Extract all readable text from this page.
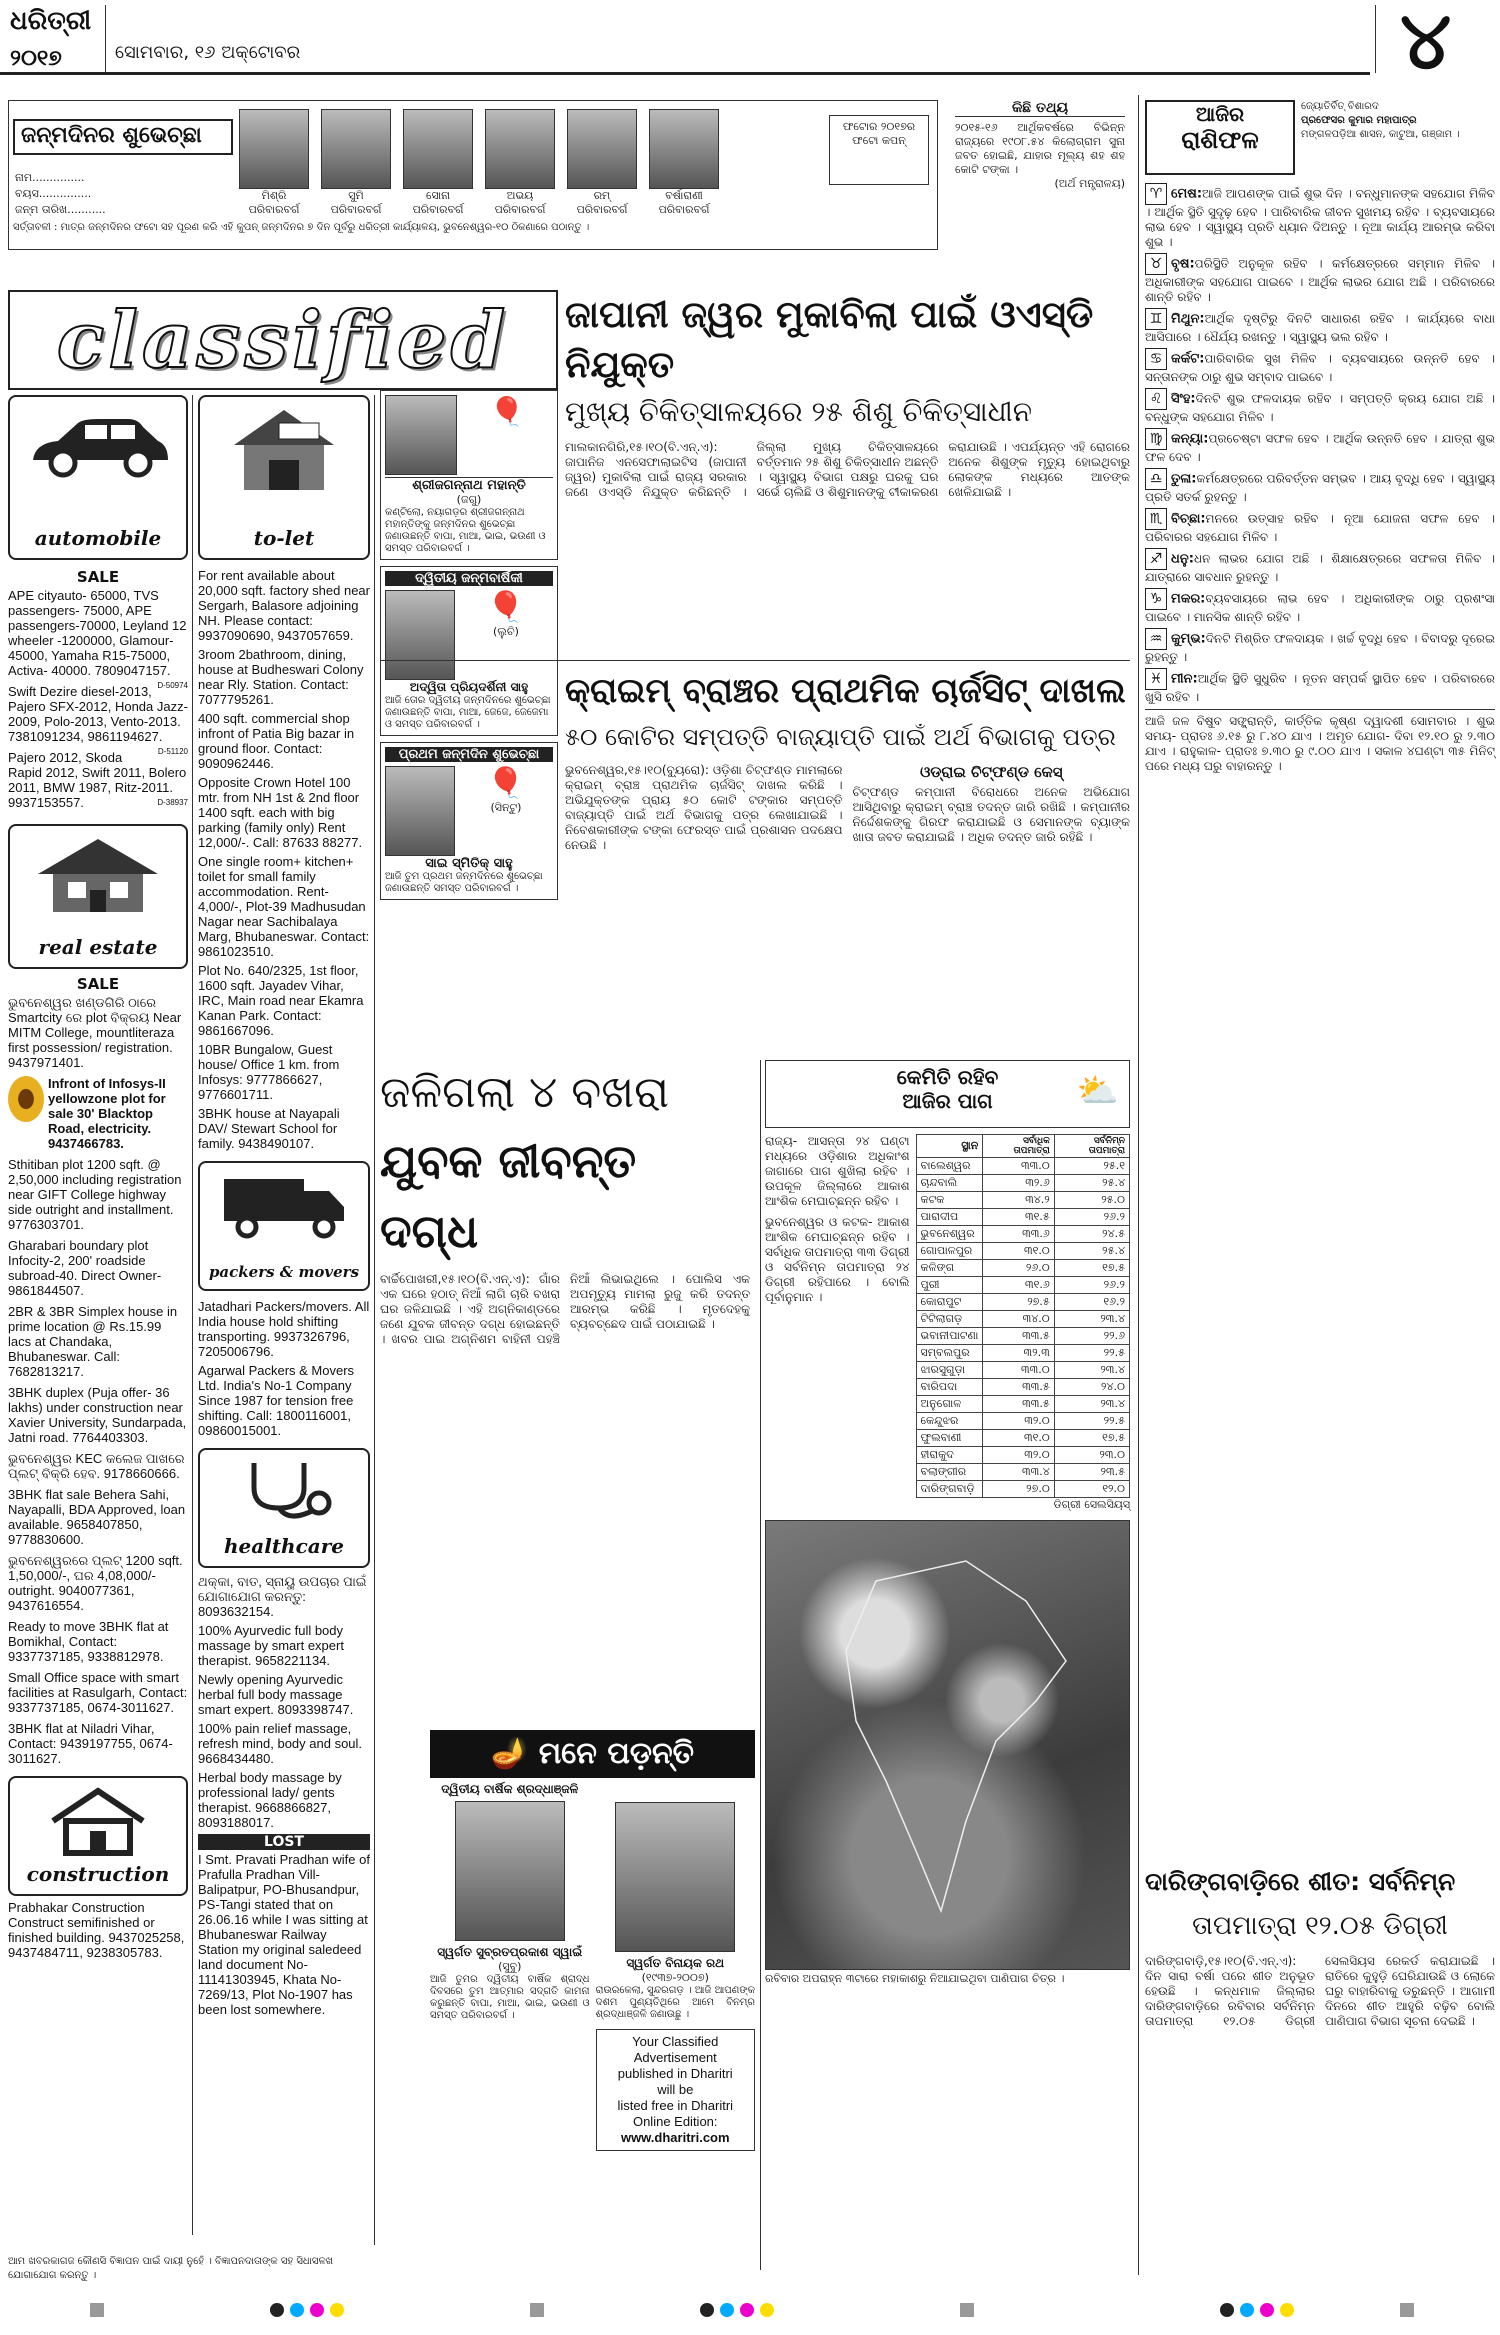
ଧରିତ୍ରୀ
୨୦୧୭	ସୋମବାର, ୧୬ ଅକ୍ଟୋବର	୪
ଜନ୍ମଦିନର ଶୁଭେଚ୍ଛା
ନାମ...............
ବୟସ...............
ଜନ୍ମ ତାରିଖ...........
ମିଶ୍ରି
ପରିବାରବର୍ଗ
ସୁମି
ପରିବାରବର୍ଗ
ସୋନା
ପରିବାରବର୍ଗ
ଅଭୟ
ପରିବାରବର୍ଗ
ରମ୍
ପରିବାରବର୍ଗ
ବର୍ଷାରାଣୀ
ପରିବାରବର୍ଗ
ଫଟୋର ୨୦୧୭ର ଫଟୋ କପନ୍
ସର୍ତ୍ତାବଳୀ : ମାତ୍ର ଜନ୍ମଦିନର ଫଟୋ ସହ ପୂରଣ କରି ଏହି କୁପନ୍ ଜନ୍ମଦିନର ୭ ଦିନ ପୂର୍ବରୁ ଧରିତ୍ରୀ କାର୍ଯ୍ୟାଳୟ, ଭୁବନେଶ୍ୱର-୧୦ ଠିକଣାରେ ପଠାନ୍ତୁ ।
କିଛି ତଥ୍ୟ
୨୦୧୫-୧୬ ଆର୍ଥିକବର୍ଷରେ ବିଭିନ୍ନ ରାଜ୍ୟରେ ୧୯୦୮.୫୪ କିଲୋଗ୍ରାମ ସୁନା ଜବତ ହୋଇଛି, ଯାହାର ମୂଲ୍ୟ ଶହ ଶହ କୋଟି ଟଙ୍କା ।
(ଅର୍ଥ ମନ୍ତ୍ରାଳୟ)
classified
automobile
SALE
APE cityauto- 65000, TVS passengers- 75000, APE passengers-70000, Leyland 12 wheeler -1200000, Glamour- 45000, Yamaha R15-75000, Activa- 40000. 7809047157.
D-50974
Swift Dezire diesel-2013, Pajero SFX-2012, Honda Jazz-2009, Polo-2013, Vento-2013. 7381091234, 9861194627.
D-51120
Pajero 2012, Skoda Rapid 2012, Swift 2011, Bolero 2011, BMW 1987, Ritz-2011. 9937153557.	D-38937
real estate
SALE
ଭୁବନେଶ୍ୱର ଖଣ୍ଡଗିରି ଠାରେ Smartcity ରେ plot ବିକ୍ରୟ Near MITM College, mountliteraza first possession/ registration. 9437971401.
Infront of Infosys-II yellowzone plot for sale 30' Blacktop Road, electricity. 9437466783.
Sthitiban plot 1200 sqft. @ 2,50,000 including registration near GIFT College highway side outright and installment. 9776303701.
Gharabari boundary plot Infocity-2, 200' roadside subroad-40. Direct Owner-9861844507.
2BR & 3BR Simplex house in prime location @ Rs.15.99 lacs at Chandaka, Bhubaneswar. Call: 7682813217.
3BHK duplex (Puja offer- 36 lakhs) under construction near Xavier University, Sundarpada, Jatni road. 7764403303.
ଭୁବନେଶ୍ୱର KEC କଲେଜ ପାଖରେ ପ୍ଲଟ୍ ବିକ୍ରି ହେବ. 9178660666.
3BHK flat sale Behera Sahi, Nayapalli, BDA Approved, loan available. 9658407850, 9778830600.
ଭୁବନେଶ୍ୱରରେ ପ୍ଲଟ୍ 1200 sqft. 1,50,000/-, ଘର 4,08,000/- outright. 9040077361, 9437616554.
Ready to move 3BHK flat at Bomikhal, Contact: 9337737185, 9338812978.
Small Office space with smart facilities at Rasulgarh, Contact: 9337737185, 0674-3011627.
3BHK flat at Niladri Vihar, Contact: 9439197755, 0674-3011627.
construction
Prabhakar Construction Construct semifinished or finished building. 9437025258, 9437484711, 9238305783.
to-let
For rent available about 20,000 sqft. factory shed near Sergarh, Balasore adjoining NH. Please contact: 9937090690, 9437057659.
3room 2bathroom, dining, house at Budheswari Colony near Rly. Station. Contact: 7077795261.
400 sqft. commercial shop infront of Patia Big bazar in ground floor. Contact: 9090962446.
Opposite Crown Hotel 100 mtr. from NH 1st & 2nd floor 1400 sqft. each with big parking (family only) Rent 12,000/-. Call: 87633 88277.
One single room+ kitchen+ toilet for small family accommodation. Rent- 4,000/-, Plot-39 Madhusudan Nagar near Sachibalaya Marg, Bhubaneswar. Contact: 9861023510.
Plot No. 640/2325, 1st floor, 1600 sqft. Jayadev Vihar, IRC, Main road near Ekamra Kanan Park. Contact: 9861667096.
10BR Bungalow, Guest house/ Office 1 km. from Infosys: 9777866627, 9776601711.
3BHK house at Nayapali DAV/ Stewart School for family. 9438490107.
packers & movers
Jatadhari Packers/movers. All India house hold shifting transporting. 9937326796, 7205006796.
Agarwal Packers & Movers Ltd. India's No-1 Company Since 1987 for tension free shifting. Call: 1800116001, 09860015001.
healthcare
ଥକ୍କା, ବାତ, ସ୍ନାୟୁ ଉପଚାର ପାଇଁ ଯୋଗାଯୋଗ କରନ୍ତୁ: 8093632154.
100% Ayurvedic full body massage by smart expert therapist. 9658221134.
Newly opening Ayurvedic herbal full body massage smart expert. 8093398747.
100% pain relief massage, refresh mind, body and soul. 9668434480.
Herbal body massage by professional lady/ gents therapist. 9668866827, 8093188017.
LOST
I Smt. Pravati Pradhan wife of Prafulla Pradhan Vill-Balipatpur, PO-Bhusandpur, PS-Tangi stated that on 26.06.16 while I was sitting at Bhubaneswar Railway Station my original saledeed land document No-11141303945, Khata No-7269/13, Plot No-1907 has been lost somewhere.
ଆମ ଖବରକାଗଜ କୌଣସି ବିଜ୍ଞାପନ ପାଇଁ ଦାୟୀ ନୁହେଁ । ବିଜ୍ଞାପନଦାତାଙ୍କ ସହ ସିଧାସଳଖ ଯୋଗାଯୋଗ କରନ୍ତୁ ।
🎈
ଶ୍ରୀଜଗନ୍ନାଥ ମହାନ୍ତି
(ଜଗୁ)
କଣ୍ଟିଲୋ, ନୟାଗଡ଼ର ଶ୍ରୀଜଗନ୍ନାଥ ମହାନ୍ତିଙ୍କୁ ଜନ୍ମଦିନର ଶୁଭେଚ୍ଛା ଜଣାଉଛନ୍ତି ବାପା, ମାଆ, ଭାଇ, ଭଉଣୀ ଓ ସମସ୍ତ ପରିବାରବର୍ଗ ।
ଦ୍ୱିତୀୟ ଜନ୍ମବାର୍ଷିକୀ
🎈
(ଲୁଚି)
ଅଦ୍ୱିତା ପ୍ରିୟଦର୍ଶିନୀ ସାହୁ
ଆଜି ତୋର ଦ୍ୱିତୀୟ ଜନ୍ମଦିନରେ ଶୁଭେଚ୍ଛା ଜଣାଉଛନ୍ତି ବାପା, ମାଆ, ଜେଜେ, ଜେଜେମା ଓ ସମସ୍ତ ପରିବାରବର୍ଗ ।
ପ୍ରଥମ ଜନ୍ମଦିନ ଶୁଭେଚ୍ଛା
🎈
(ସିନ୍ଟୁ)
ସାଇ ସ୍ମିତିକ୍ ସାହୁ
ଆଜି ତୁମ ପ୍ରଥମ ଜନ୍ମଦିନରେ ଶୁଭେଚ୍ଛା ଜଣାଉଛନ୍ତି ସମସ୍ତ ପରିବାରବର୍ଗ ।
ଜାପାନୀ ଜ୍ୱର ମୁକାବିଲା ପାଇଁ ଓଏସ୍‌ଡି ନିଯୁକ୍ତ
ମୁଖ୍ୟ ଚିକିତ୍ସାଳୟରେ ୨୫ ଶିଶୁ ଚିକିତ୍ସାଧୀନ
ମାଲକାନଗିରି,୧୫।୧୦(ବି.ଏନ୍.ଏ): ଜାପାନିଜ ଏନସେଫାଲାଇଟିସ (ଜାପାନୀ ଜ୍ୱର) ମୁକାବିଲା ପାଇଁ ରାଜ୍ୟ ସରକାର ଜଣେ ଓଏସ୍‌ଡି ନିଯୁକ୍ତ କରିଛନ୍ତି । ଜିଲ୍ଲା ମୁଖ୍ୟ ଚିକିତ୍ସାଳୟରେ ବର୍ତ୍ତମାନ ୨୫ ଶିଶୁ ଚିକିତ୍ସାଧୀନ ଅଛନ୍ତି । ସ୍ୱାସ୍ଥ୍ୟ ବିଭାଗ ପକ୍ଷରୁ ଘରକୁ ଘର ସର୍ଭେ ଚାଲିଛି ଓ ଶିଶୁମାନଙ୍କୁ ଟୀକାକରଣ କରାଯାଉଛି । ଏପର୍ଯ୍ୟନ୍ତ ଏହି ରୋଗରେ ଅନେକ ଶିଶୁଙ୍କ ମୃତ୍ୟୁ ହୋଇଥିବାରୁ ଲୋକଙ୍କ ମଧ୍ୟରେ ଆତଙ୍କ ଖେଳିଯାଇଛି ।
କ୍ରାଇମ୍ ବ୍ରାଞ୍ଚର ପ୍ରାଥମିକ ଚାର୍ଜସିଟ୍ ଦାଖଲ
୫୦ କୋଟିର ସମ୍ପତ୍ତି ବାଜ୍ୟାପ୍ତି ପାଇଁ ଅର୍ଥ ବିଭାଗକୁ ପତ୍ର
ଭୁବନେଶ୍ୱର,୧୫।୧୦(ବ୍ୟୁରୋ): ଓଡ଼ିଶା ଚିଟ୍‌ଫଣ୍ଡ ମାମଲାରେ କ୍ରାଇମ୍ ବ୍ରାଞ୍ଚ ପ୍ରାଥମିକ ଚାର୍ଜସିଟ୍ ଦାଖଲ କରିଛି । ଅଭିଯୁକ୍ତଙ୍କ ପ୍ରାୟ ୫୦ କୋଟି ଟଙ୍କାର ସମ୍ପତ୍ତି ବାଜ୍ୟାପ୍ତି ପାଇଁ ଅର୍ଥ ବିଭାଗକୁ ପତ୍ର ଲେଖାଯାଇଛି । ନିବେଶକାରୀଙ୍କ ଟଙ୍କା ଫେରସ୍ତ ପାଇଁ ପ୍ରଶାସନ ପଦକ୍ଷେପ ନେଉଛି ।
ଓଡ୍ରାଇ ଚିଟ୍‌ଫଣ୍ଡ କେସ୍
ଚିଟ୍‌ଫଣ୍ଡ କମ୍ପାନୀ ବିରୋଧରେ ଅନେକ ଅଭିଯୋଗ ଆସିଥିବାରୁ କ୍ରାଇମ୍ ବ୍ରାଞ୍ଚ ତଦନ୍ତ ଜାରି ରଖିଛି । କମ୍ପାନୀର ନିର୍ଦ୍ଦେଶକଙ୍କୁ ଗିରଫ କରାଯାଇଛି ଓ ସେମାନଙ୍କ ବ୍ୟାଙ୍କ ଖାତା ଜବତ କରାଯାଇଛି । ଅଧିକ ତଦନ୍ତ ଜାରି ରହିଛି ।
ଜଳିଗଲା ୪ ବଖରା
ଯୁବକ ଜୀବନ୍ତ ଦଗ୍ଧ
ବାର୍ଚ୍ଚିପୋଖରୀ,୧୫।୧୦(ବି.ଏନ୍.ଏ): ଗାଁର ଏକ ଘରେ ହଠାତ୍ ନିଆଁ ଲାଗି ଚାରି ବଖରା ଘର ଜଳିଯାଇଛି । ଏହି ଅଗ୍ନିକାଣ୍ଡରେ ଜଣେ ଯୁବକ ଜୀବନ୍ତ ଦଗ୍ଧ ହୋଇଛନ୍ତି । ଖବର ପାଇ ଅଗ୍ନିଶମ ବାହିନୀ ପହଞ୍ଚି ନିଆଁ ଲିଭାଇଥିଲେ । ପୋଲିସ ଏକ ଅପମୃତ୍ୟୁ ମାମଲା ରୁଜୁ କରି ତଦନ୍ତ ଆରମ୍ଭ କରିଛି । ମୃତଦେହକୁ ବ୍ୟବଚ୍ଛେଦ ପାଇଁ ପଠାଯାଇଛି ।
🪔 ମନେ ପଡ଼ନ୍ତି
ଦ୍ୱିତୀୟ ବାର୍ଷିକ ଶ୍ରଦ୍ଧାଞ୍ଜଳି
ସ୍ୱର୍ଗତ ସୁବ୍ରତପ୍ରକାଶ ସ୍ୱାଇଁ
(ସୁବୁ)
ଆଜି ତୁମର ଦ୍ୱିତୀୟ ବାର୍ଷିକ ଶ୍ରାଦ୍ଧ ଦିବସରେ ତୁମ ଆତ୍ମାର ସଦ୍‌ଗତି କାମନା କରୁଛନ୍ତି ବାପା, ମାଆ, ଭାଇ, ଭଉଣୀ ଓ ସମସ୍ତ ପରିବାରବର୍ଗ ।
ସ୍ୱର୍ଗତ ବିନାୟକ ରଥ
(୧୯୩୭-୨୦୦୭)
ରାଉରକେଲା, ସୁନ୍ଦରଗଡ଼ । ଆଜି ଆପଣଙ୍କ ଦଶମ ପୁଣ୍ୟତିଥିରେ ଆମେ ବିନମ୍ର ଶ୍ରଦ୍ଧାଞ୍ଜଳି ଜଣାଉଛୁ ।
Your Classified
Advertisement
published in Dharitri
will be
listed free in Dharitri
Online Edition:
www.dharitri.com
କେମିତି ରହିବ
ଆଜିର ପାଗ	⛅
ରାଜ୍ୟ- ଆସନ୍ତା ୨୪ ଘଣ୍ଟା ମଧ୍ୟରେ ଓଡ଼ିଶାର ଅଧିକାଂଶ ଜାଗାରେ ପାଗ ଶୁଖିଲା ରହିବ । ଉପକୂଳ ଜିଲ୍ଲାରେ ଆକାଶ ଆଂଶିକ ମେଘାଚ୍ଛନ୍ନ ରହିବ ।
ଭୁବନେଶ୍ୱର ଓ କଟକ- ଆକାଶ ଆଂଶିକ ମେଘାଚ୍ଛନ୍ନ ରହିବ । ସର୍ବାଧିକ ତାପମାତ୍ରା ୩୩ ଡିଗ୍ରୀ ଓ ସର୍ବନିମ୍ନ ତାପମାତ୍ରା ୨୪ ଡିଗ୍ରୀ ରହିପାରେ । ବୋଲି ପୂର୍ବାନୁମାନ ।
ସ୍ଥାନ	ସର୍ବାଧିକ ତାପମାତ୍ରା	ସର୍ବନିମ୍ନ ତାପମାତ୍ରା
ବାଲେଶ୍ୱର	୩୩.୦	୨୫.୧
ଚାନ୍ଦବାଲି	୩୨.୬	୨୫.୪
କଟକ	୩୪.୨	୨୫.୦
ପାରାଦୀପ	୩୧.୫	୨୬.୨
ଭୁବନେଶ୍ୱର	୩୩.୬	୨୪.୫
ଗୋପାଳପୁର	୩୧.୦	୨୫.୪
କଳିଙ୍ଗ	୨୬.୦	୧୭.୫
ପୁରୀ	୩୧.୬	୨୬.୨
କୋରାପୁଟ	୨୭.୫	୧୬.୨
ଟିଟିଲାଗଡ଼	୩୪.୦	୨୩.୪
ଭବାନୀପାଟଣା	୩୩.୫	୨୨.୬
ସମ୍ବଲପୁର	୩୨.୩	୨୨.୫
ଝାରସୁଗୁଡ଼ା	୩୩.୦	୨୩.୪
ବାରିପଦା	୩୩.୫	୨୪.୦
ଅନୁଗୋଳ	୩୩.୫	୨୩.୪
କେନ୍ଦୁଝର	୩୨.୦	୨୨.୫
ଫୁଲବାଣୀ	୩୧.୦	୧୭.୫
ହୀରାକୁଦ	୩୨.୦	୨୩.୦
ବଲାଙ୍ଗୀର	୩୩.୪	୨୩.୫
ଦାରିଙ୍ଗବାଡ଼ି	୨୭.୦	୧୨.୦
ଡିଗ୍ରୀ ସେଲସିୟସ୍
ରବିବାର ଅପରାହ୍ନ ୩ଟାରେ ମହାକାଶରୁ ନିଆଯାଇଥିବା ପାଣିପାଗ ଚିତ୍ର ।
ଆଜିର
ରାଶିଫଳ
ଜ୍ୟୋତିର୍ବିତ୍ ବିଶାରଦ
ପ୍ରଫେସର କୁମାର ମହାପାତ୍ର
ମଙ୍ଗଳପଡ଼ିଆ ଶାସନ, କାଟୁଆ, ଗଞ୍ଜାମ ।
♈ ମେଷ:ଆଜି ଆପଣଙ୍କ ପାଇଁ ଶୁଭ ଦିନ । ବନ୍ଧୁମାନଙ୍କ ସହଯୋଗ ମିଳିବ । ଆର୍ଥିକ ସ୍ଥିତି ସୁଦୃଢ଼ ହେବ । ପାରିବାରିକ ଜୀବନ ସୁଖମୟ ରହିବ । ବ୍ୟବସାୟରେ ଲାଭ ହେବ । ସ୍ୱାସ୍ଥ୍ୟ ପ୍ରତି ଧ୍ୟାନ ଦିଅନ୍ତୁ । ନୂଆ କାର୍ଯ୍ୟ ଆରମ୍ଭ କରିବା ଶୁଭ ।
♉ ବୃଷ:ପରିସ୍ଥିତି ଅନୁକୂଳ ରହିବ । କର୍ମକ୍ଷେତ୍ରରେ ସମ୍ମାନ ମିଳିବ । ଅଧିକାରୀଙ୍କ ସହଯୋଗ ପାଇବେ । ଆର୍ଥିକ ଲାଭର ଯୋଗ ଅଛି । ପରିବାରରେ ଶାନ୍ତି ରହିବ ।
♊ ମିଥୁନ:ଆର୍ଥିକ ଦୃଷ୍ଟିରୁ ଦିନଟି ସାଧାରଣ ରହିବ । କାର୍ଯ୍ୟରେ ବାଧା ଆସିପାରେ । ଧୈର୍ଯ୍ୟ ରଖନ୍ତୁ । ସ୍ୱାସ୍ଥ୍ୟ ଭଲ ରହିବ ।
♋ କର୍କଟ:ପାରିବାରିକ ସୁଖ ମିଳିବ । ବ୍ୟବସାୟରେ ଉନ୍ନତି ହେବ । ସନ୍ତାନଙ୍କ ଠାରୁ ଶୁଭ ସମ୍ବାଦ ପାଇବେ ।
♌ ସିଂହ:ଦିନଟି ଶୁଭ ଫଳଦାୟକ ରହିବ । ସମ୍ପତ୍ତି କ୍ରୟ ଯୋଗ ଅଛି । ବନ୍ଧୁଙ୍କ ସହଯୋଗ ମିଳିବ ।
♍ କନ୍ୟା:ପ୍ରଚେଷ୍ଟା ସଫଳ ହେବ । ଆର୍ଥିକ ଉନ୍ନତି ହେବ । ଯାତ୍ରା ଶୁଭ ଫଳ ଦେବ ।
♎ ତୁଳା:କର୍ମକ୍ଷେତ୍ରରେ ପରିବର୍ତ୍ତନ ସମ୍ଭବ । ଆୟ ବୃଦ୍ଧି ହେବ । ସ୍ୱାସ୍ଥ୍ୟ ପ୍ରତି ସତର୍କ ରୁହନ୍ତୁ ।
♏ ବିଚ୍ଛା:ମନରେ ଉତ୍ସାହ ରହିବ । ନୂଆ ଯୋଜନା ସଫଳ ହେବ । ପରିବାରର ସହଯୋଗ ମିଳିବ ।
♐ ଧନୁ:ଧନ ଲାଭର ଯୋଗ ଅଛି । ଶିକ୍ଷାକ୍ଷେତ୍ରରେ ସଫଳତା ମିଳିବ । ଯାତ୍ରାରେ ସାବଧାନ ରୁହନ୍ତୁ ।
♑ ମକର:ବ୍ୟବସାୟରେ ଲାଭ ହେବ । ଅଧିକାରୀଙ୍କ ଠାରୁ ପ୍ରଶଂସା ପାଇବେ । ମାନସିକ ଶାନ୍ତି ରହିବ ।
♒ କୁମ୍ଭ:ଦିନଟି ମିଶ୍ରିତ ଫଳଦାୟକ । ଖର୍ଚ୍ଚ ବୃଦ୍ଧି ହେବ । ବିବାଦରୁ ଦୂରେଇ ରୁହନ୍ତୁ ।
♓ ମୀନ:ଆର୍ଥିକ ସ୍ଥିତି ସୁଧୁରିବ । ନୂତନ ସମ୍ପର୍କ ସ୍ଥାପିତ ହେବ । ପରିବାରରେ ଖୁସି ରହିବ ।
ଆଜି ଜଳ ବିଷୁବ ସଙ୍କ୍ରାନ୍ତି, କାର୍ତ୍ତିକ କୃଷ୍ଣ ଦ୍ୱାଦଶୀ ସୋମବାର । ଶୁଭ ସମୟ- ପ୍ରାତଃ ୬.୧୫ ରୁ ୮.୪୦ ଯାଏ । ଅମୃତ ଯୋଗ- ଦିବା ୧୨.୧୦ ରୁ ୨.୩୦ ଯାଏ । ରାହୁକାଳ- ପ୍ରାତଃ ୭.୩୦ ରୁ ୯.୦୦ ଯାଏ । ସକାଳ ୪ଘଣ୍ଟା ୩୫ ମିନିଟ୍ ପରେ ମଧ୍ୟ ଘରୁ ବାହାରନ୍ତୁ ।
ଦାରିଙ୍ଗବାଡ଼ିରେ ଶୀତ: ସର୍ବନିମ୍ନ
ତାପମାତ୍ରା ୧୨.୦୫ ଡିଗ୍ରୀ
ଦାରିଙ୍ଗବାଡ଼ି,୧୫।୧୦(ବି.ଏନ୍.ଏ): ଦିନ ସାରା ବର୍ଷା ପରେ ଶୀତ ଅନୁଭୂତ ହେଉଛି । କନ୍ଧମାଳ ଜିଲ୍ଲାର ଦାରିଙ୍ଗବାଡ଼ିରେ ରବିବାର ସର୍ବନିମ୍ନ ତାପମାତ୍ରା ୧୨.୦୫ ଡିଗ୍ରୀ ସେଲସିୟସ ରେକର୍ଡ କରାଯାଇଛି । ରାତିରେ କୁହୁଡ଼ି ଘେରିଯାଉଛି ଓ ଲୋକେ ଘରୁ ବାହାରିବାକୁ ଡରୁଛନ୍ତି । ଆଗାମୀ ଦିନରେ ଶୀତ ଆହୁରି ବଢ଼ିବ ବୋଲି ପାଣିପାଗ ବିଭାଗ ସୂଚନା ଦେଇଛି ।
